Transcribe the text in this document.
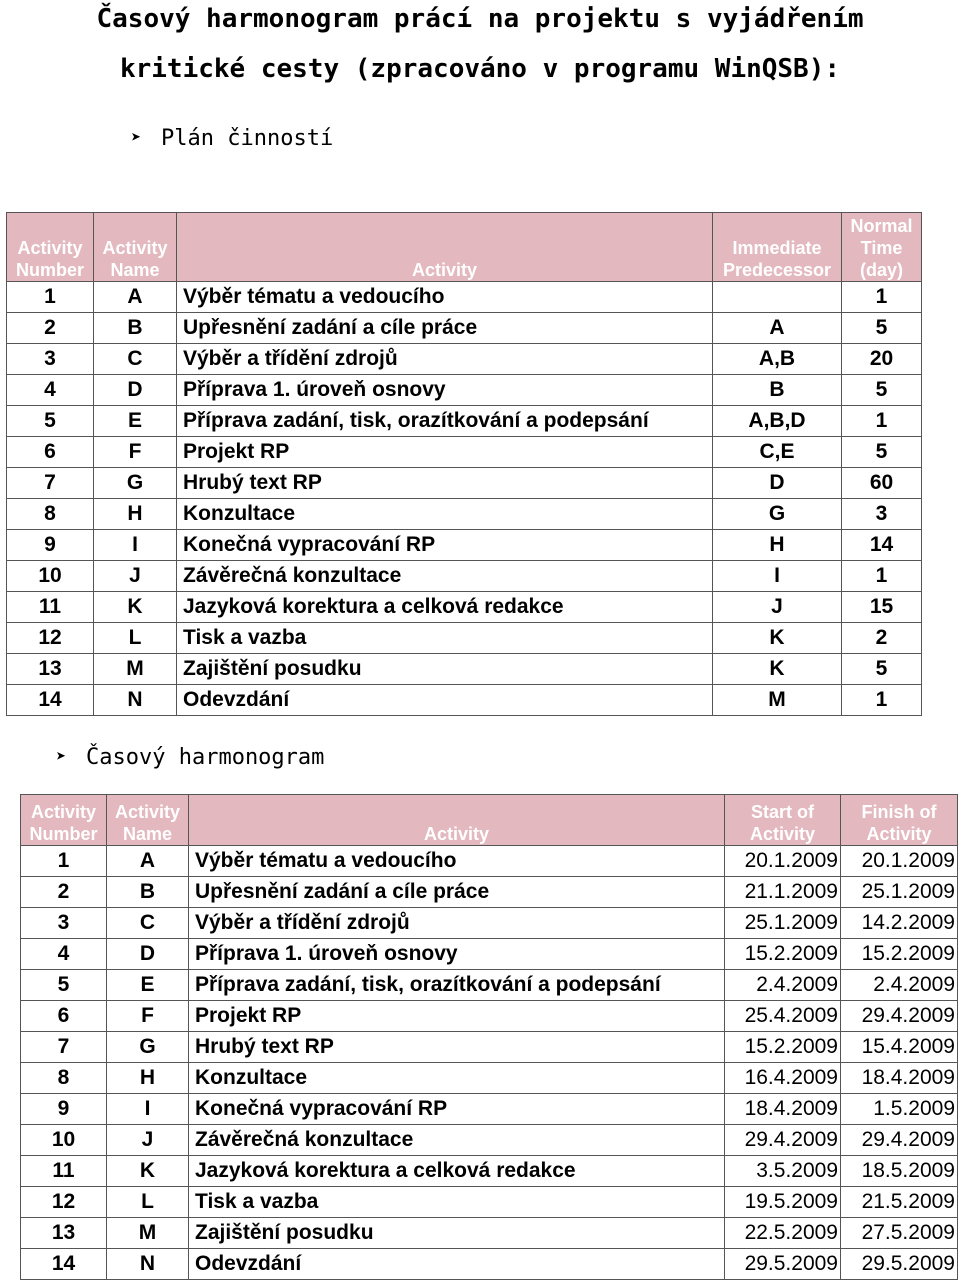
Časový harmonogram prácí na projektu s vyjádřením
kritické cesty (zpracováno v programu WinQSB):
➤ Plán činností
Activity Number	Activity Name	Activity	Immediate Predecessor	Normal Time (day)

1	A	Výběr tématu a vedoucího		1
2	B	Upřesnění zadání a cíle práce	A	5
3	C	Výběr a třídění zdrojů	A,B	20
4	D	Příprava 1. úroveň osnovy	B	5
5	E	Příprava zadání, tisk, orazítkování a podepsání	A,B,D	1
6	F	Projekt RP	C,E	5
7	G	Hrubý text RP	D	60
8	H	Konzultace	G	3
9	I	Konečná vypracování RP	H	14
10	J	Závěrečná konzultace	I	1
11	K	Jazyková korektura a celková redakce	J	15
12	L	Tisk a vazba	K	2
13	M	Zajištění posudku	K	5
14	N	Odevzdání	M	1
➤ Časový harmonogram
Activity Number	Activity Name	Activity	Start of Activity	Finish of Activity

1	A	Výběr tématu a vedoucího	20.1.2009	20.1.2009
2	B	Upřesnění zadání a cíle práce	21.1.2009	25.1.2009
3	C	Výběr a třídění zdrojů	25.1.2009	14.2.2009
4	D	Příprava 1. úroveň osnovy	15.2.2009	15.2.2009
5	E	Příprava zadání, tisk, orazítkování a podepsání	2.4.2009	2.4.2009
6	F	Projekt RP	25.4.2009	29.4.2009
7	G	Hrubý text RP	15.2.2009	15.4.2009
8	H	Konzultace	16.4.2009	18.4.2009
9	I	Konečná vypracování RP	18.4.2009	1.5.2009
10	J	Závěrečná konzultace	29.4.2009	29.4.2009
11	K	Jazyková korektura a celková redakce	3.5.2009	18.5.2009
12	L	Tisk a vazba	19.5.2009	21.5.2009
13	M	Zajištění posudku	22.5.2009	27.5.2009
14	N	Odevzdání	29.5.2009	29.5.2009
